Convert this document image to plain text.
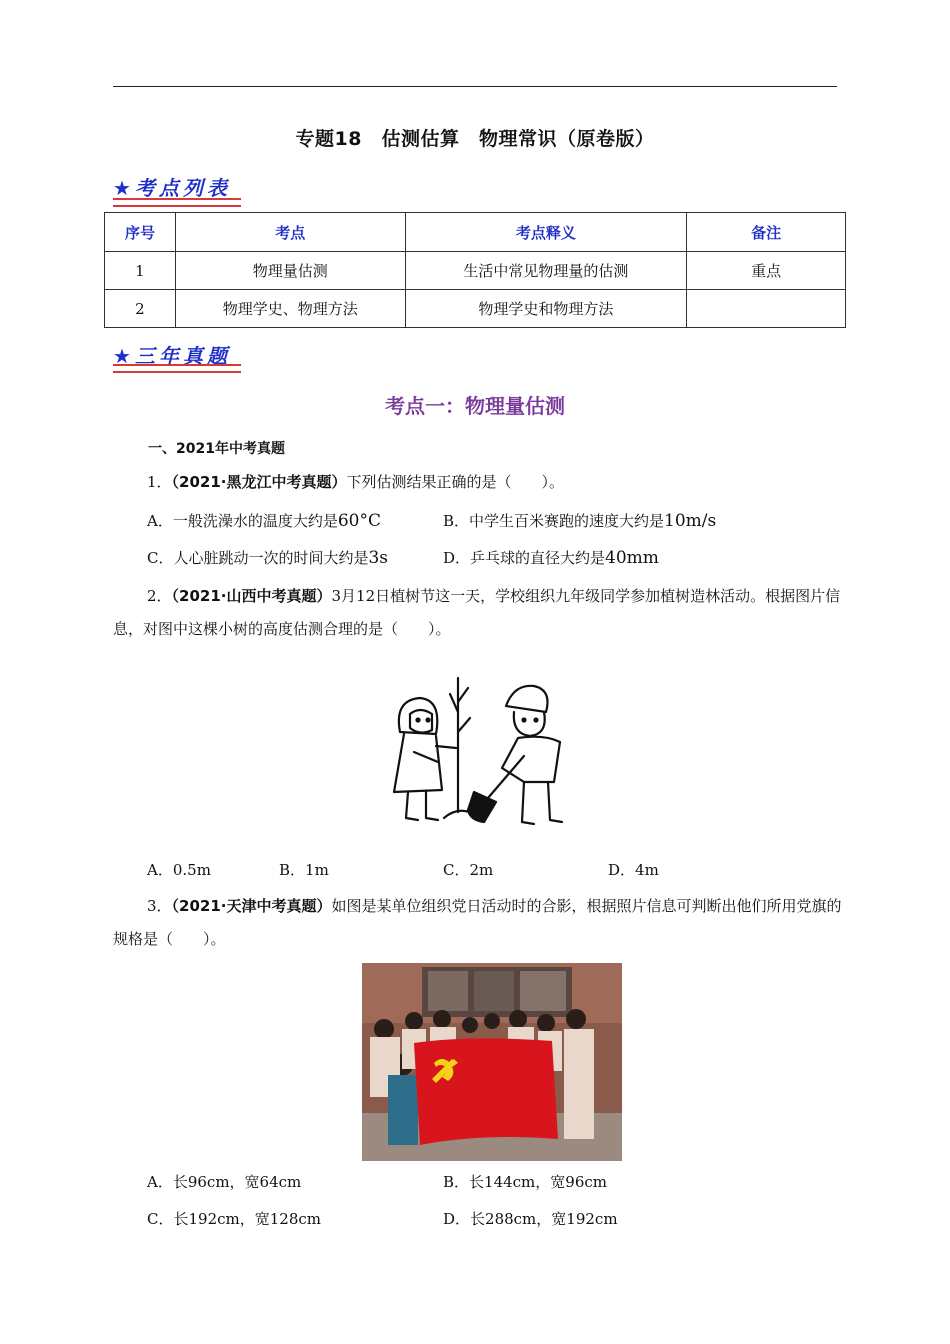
专题18　估测估算　物理常识（原卷版）
★考点列表
序号	考点	考点释义	备注
1	物理量估测	生活中常见物理量的估测	重点
2	物理学史、物理方法	物理学史和物理方法	
★三年真题
考点一：物理量估测
一、2021年中考真题
1．（2021·黑龙江中考真题）下列估测结果正确的是（　　）。
A．一般洗澡水的温度大约是60°C	B．中学生百米赛跑的速度大约是10m/s
C．人心脏跳动一次的时间大约是3s	D．乒乓球的直径大约是40mm
2．（2021·山西中考真题）3月12日植树节这一天，学校组织九年级同学参加植树造林活动。根据图片信息，对图中这棵小树的高度估测合理的是（　　）。
A．0.5m	B．1m	C．2m	D．4m
3．（2021·天津中考真题）如图是某单位组织党日活动时的合影，根据照片信息可判断出他们所用党旗的规格是（　　）。
A．长96cm，宽64cm	B．长144cm，宽96cm
C．长192cm，宽128cm	D．长288cm，宽192cm
